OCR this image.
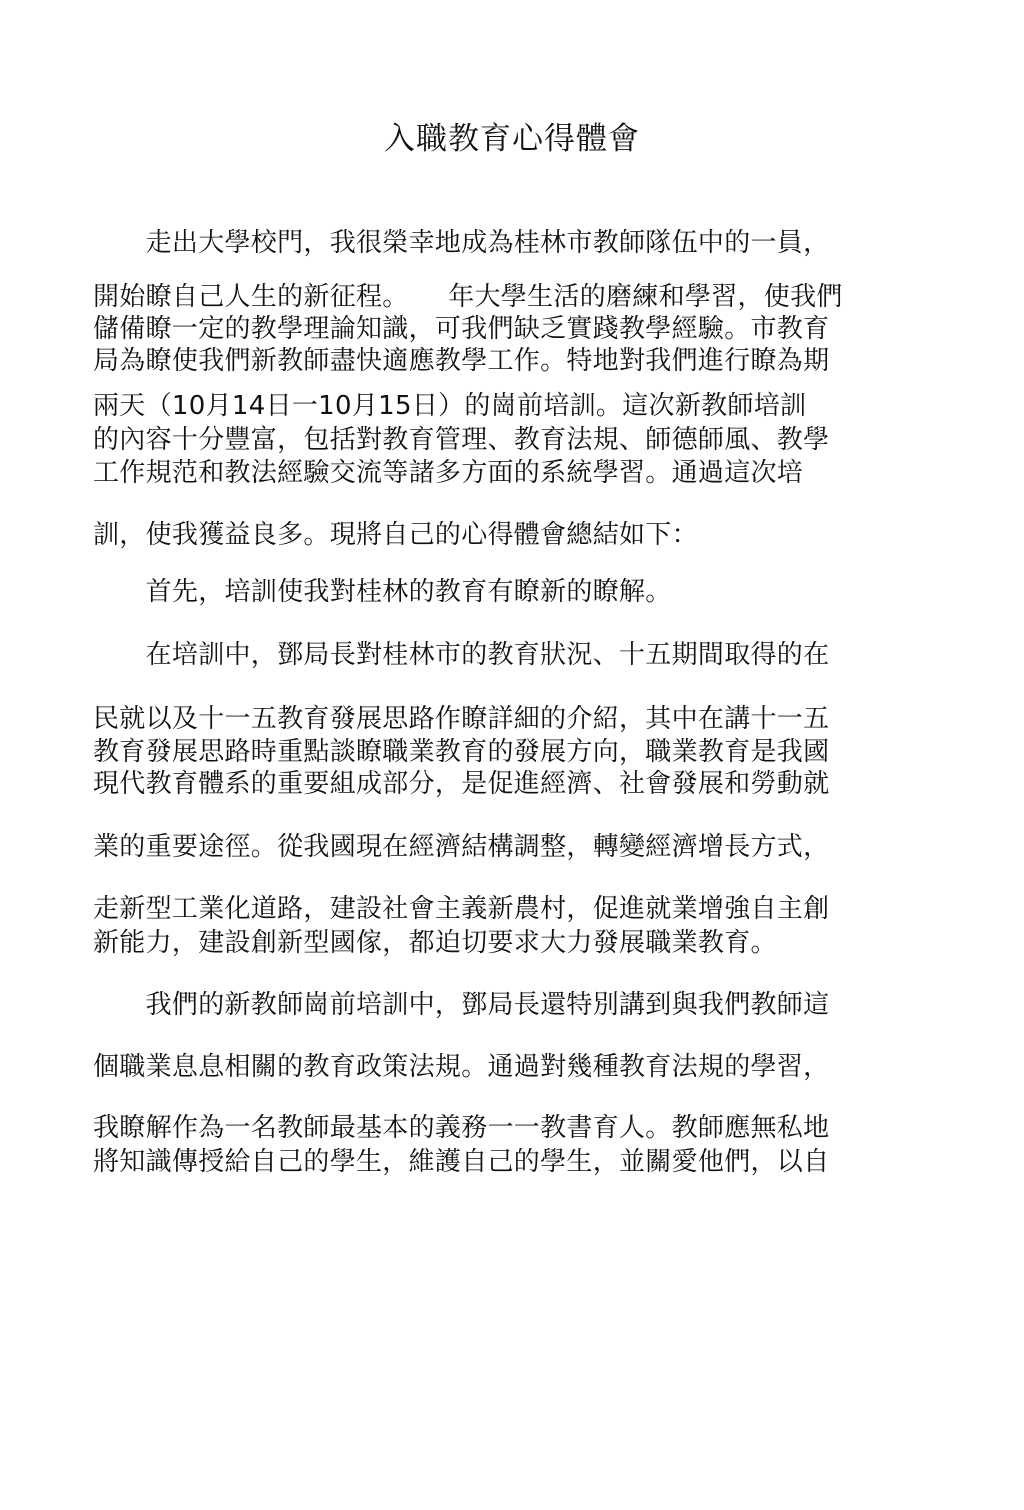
入職教育心得體會
　　走出大學校門，我很榮幸地成為桂林市教師隊伍中的一員，
開始瞭自己人生的新征程。　　年大學生活的磨練和學習，使我們
儲備瞭一定的教學理論知識，可我們缺乏實踐教學經驗。市教育
局為瞭使我們新教師盡快適應教學工作。特地對我們進行瞭為期
兩天（10月14日一10月15日）的崗前培訓。這次新教師培訓
的內容十分豐富，包括對教育管理、教育法規、師德師風、教學
工作規范和教法經驗交流等諸多方面的系統學習。通過這次培
訓，使我獲益良多。現將自己的心得體會總結如下：
　　首先，培訓使我對桂林的教育有瞭新的瞭解。
　　在培訓中，鄧局長對桂林市的教育狀況、十五期間取得的在
民就以及十一五教育發展思路作瞭詳細的介紹，其中在講十一五
教育發展思路時重點談瞭職業教育的發展方向，職業教育是我國
現代教育體系的重要組成部分，是促進經濟、社會發展和勞動就
業的重要途徑。從我國現在經濟結構調整，轉變經濟增長方式，
走新型工業化道路，建設社會主義新農村，促進就業增強自主創
新能力，建設創新型國傢，都迫切要求大力發展職業教育。
　　我們的新教師崗前培訓中，鄧局長還特別講到與我們教師這
個職業息息相關的教育政策法規。通過對幾種教育法規的學習，
我瞭解作為一名教師最基本的義務一一教書育人。教師應無私地
將知識傳授給自己的學生，維護自己的學生，並關愛他們，以自
